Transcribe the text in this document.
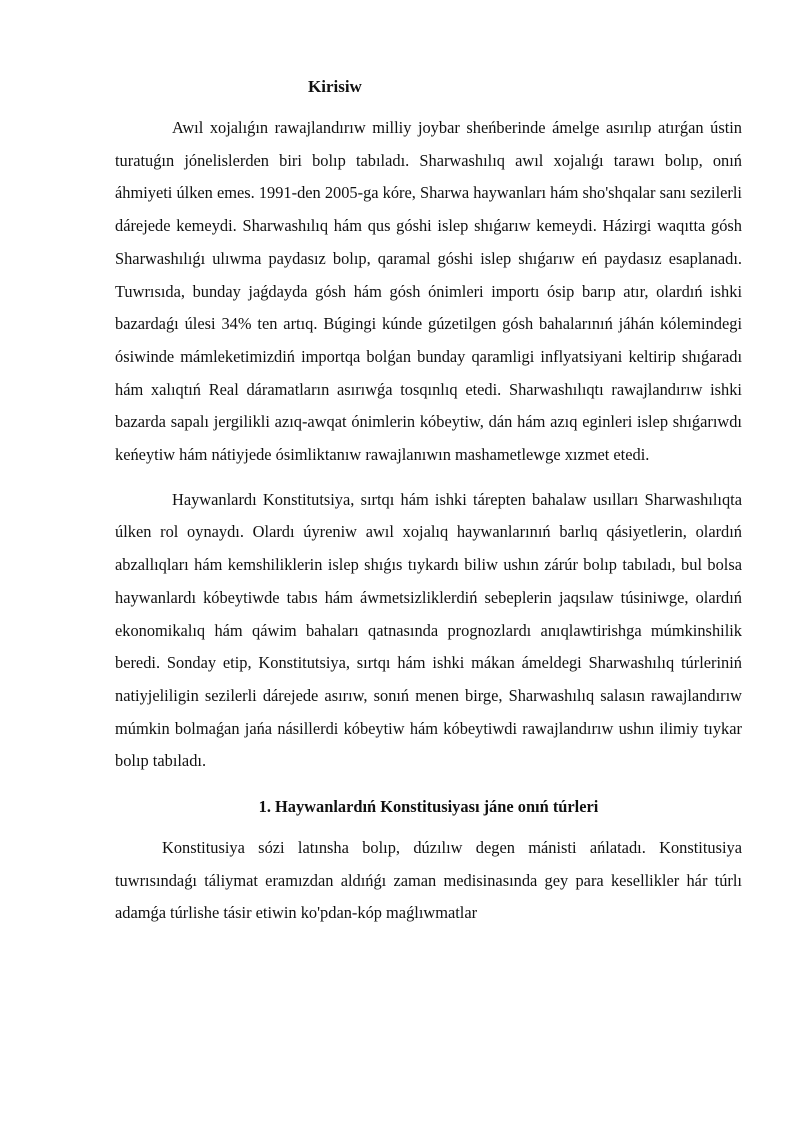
Kirisiw

Awıl xojalıǵın rawajlandırıw milliy joybar sheńberinde ámelge asırılıp atırǵan ústin turatuǵın jónelislerden biri bolıp tabıladı. Sharwashılıq awıl xojalıǵı tarawı bolıp, onıń áhmiyeti úlken emes. 1991-den 2005-ga kóre, Sharwa haywanları hám sho'shqalar sanı sezilerli dárejede kemeydi. Sharwashılıq hám qus góshi islep shıǵarıw kemeydi. Házirgi waqıtta gósh Sharwashılıǵı ulıwma paydasız bolıp, qaramal góshi islep shıǵarıw eń paydasız esaplanadı. Tuwrısıda, bunday jaǵdayda gósh hám gósh ónimleri importı ósip barıp atır, olardıń ishki bazardaǵı úlesi 34% ten artıq. Búgingi kúnde gúzetilgen gósh bahalarınıń jáhán kólemindegi ósiwinde mámleketimizdiń importqa bolǵan bunday qaramligi inflyatsiyani keltirip shıǵaradı hám xalıqtıń Real dáramatların asırıwǵa tosqınlıq etedi. Sharwashılıqtı rawajlandırıw ishki bazarda sapalı jergilikli azıq-awqat ónimlerin kóbeytiw, dán hám azıq eginleri islep shıǵarıwdı keńeytiw hám nátiyjede ósimliktanıw rawajlanıwın mashametlewge xızmet etedi.

Haywanlardı Konstitutsiya, sırtqı hám ishki tárepten bahalaw usılları Sharwashılıqta úlken rol oynaydı. Olardı úyreniw awıl xojalıq haywanlarınıń barlıq qásiyetlerin, olardıń abzallıqları hám kemshiliklerin islep shıǵıs tıykardı biliw ushın zárúr bolıp tabıladı, bul bolsa haywanlardı kóbeytiwde tabıs hám áwmetsizliklerdiń sebeplerin jaqsılaw túsiniwge, olardıń ekonomikalıq hám qáwim bahaları qatnasında prognozlardı anıqlawtirishga múmkinshilik beredi. Sonday etip, Konstitutsiya, sırtqı hám ishki mákan ámeldegi Sharwashılıq túrleriniń natiyjeliligin sezilerli dárejede asırıw, sonıń menen birge, Sharwashılıq salasın rawajlandırıw múmkin bolmaǵan jańa násillerdi kóbeytiw hám kóbeytiwdi rawajlandırıw ushın ilimiy tıykar bolıp tabıladı.

1. Haywanlardıń Konstitusiyası jáne onıń túrleri

Konstitusiya sózi latınsha bolıp, dúzılıw degen mánisti ańlatadı. Konstitusiya tuwrısındaǵı táliymat eramızdan aldıńǵı zaman medisinasında gey para kesellikler hár túrlı adamǵa túrlishe tásir etiwin ko'pdan-kóp maǵlıwmatlar
